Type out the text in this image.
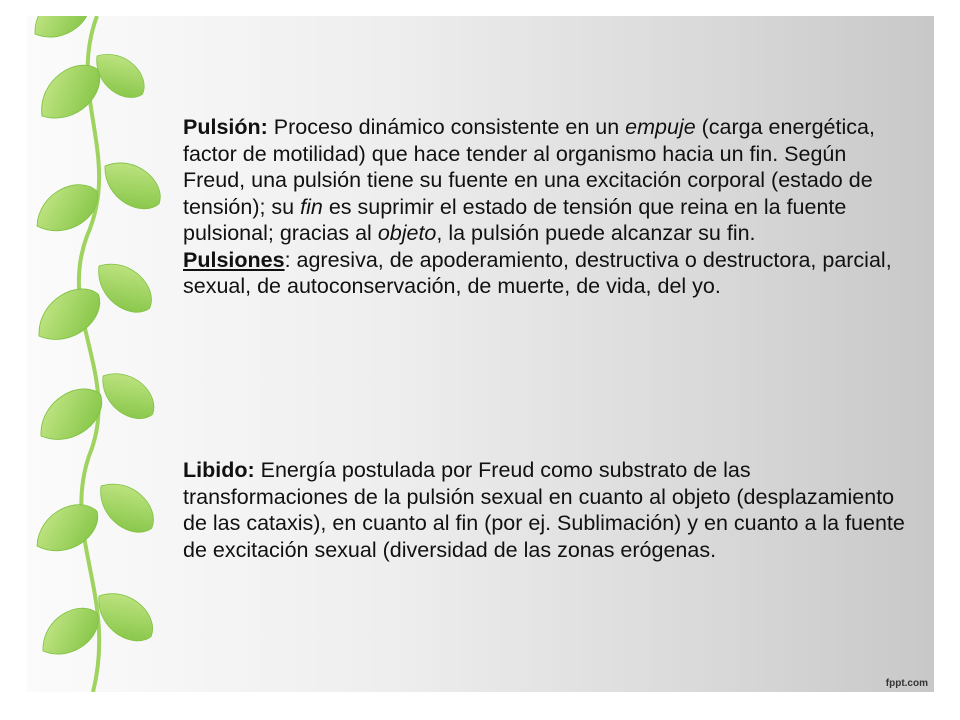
Pulsión: Proceso dinámico consistente en un empuje (carga energética, factor de motilidad) que hace tender al organismo hacia un fin. Según Freud, una pulsión tiene su fuente en una excitación corporal (estado de tensión); su fin es suprimir el estado de tensión que reina en la fuente pulsional; gracias al objeto, la pulsión puede alcanzar su fin.
Pulsiones: agresiva, de apoderamiento, destructiva o destructora, parcial, sexual, de autoconservación, de muerte, de vida, del yo.
Libido: Energía postulada por Freud como substrato de las transformaciones de la pulsión sexual en cuanto al objeto (desplazamiento de las cataxis), en cuanto al fin (por ej. Sublimación) y en cuanto a la fuente de excitación sexual (diversidad de las zonas erógenas.
fppt.com
